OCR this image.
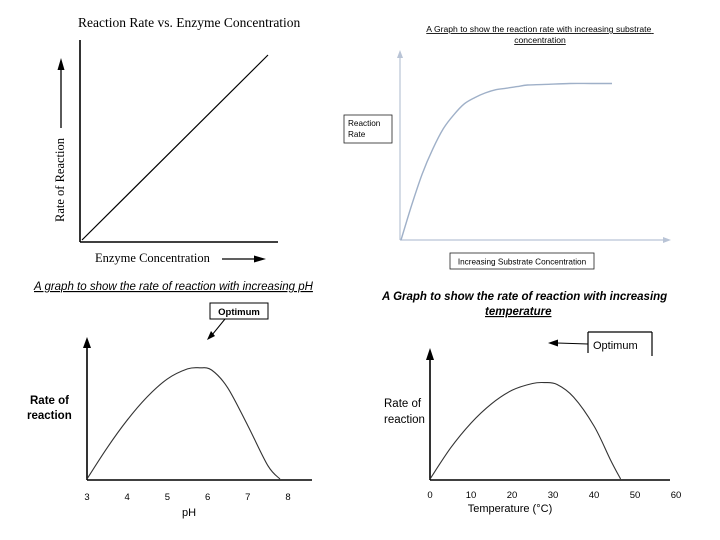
Reaction Rate vs. Enzyme Concentration
Rate of Reaction
Enzyme Concentration
A Graph to show the reaction rate with increasing substrate concentration
Reaction Rate
Increasing Substrate Concentration
A graph to show the rate of reaction with increasing pH
Rate of reaction
3	4	5	6	7	8
pH
Optimum
A Graph to show the rate of reaction with increasing temperature
Rate of reaction
0	10	20	30	40	50	60
Temperature (°C)
Optimum
